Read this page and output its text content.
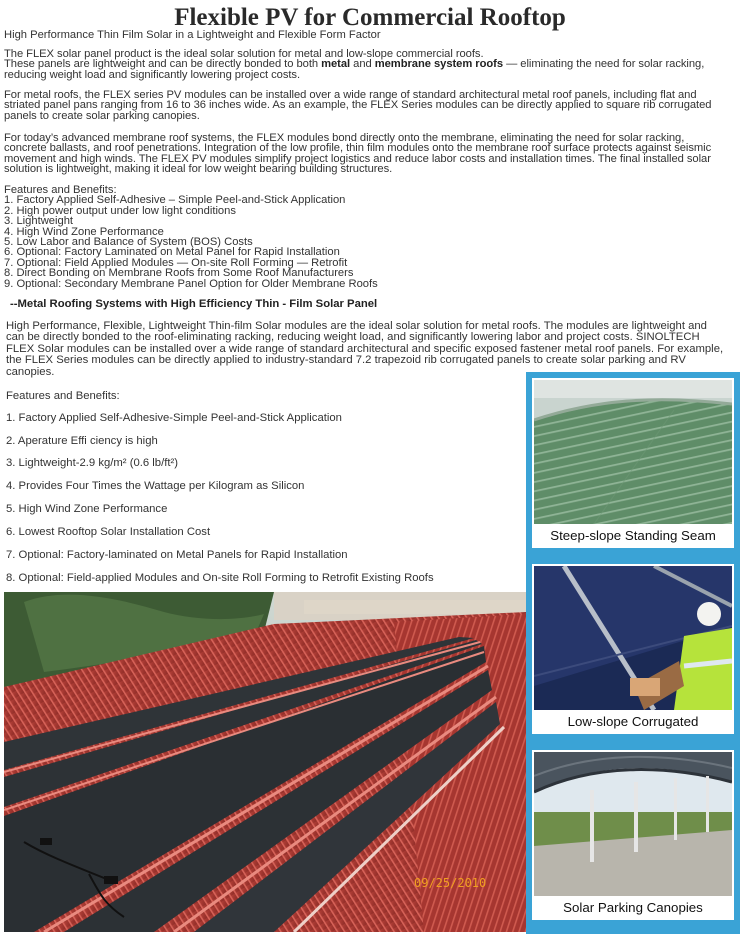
Flexible PV for Commercial Rooftop
High Performance Thin Film Solar in a Lightweight and Flexible Form Factor
The FLEX solar panel product is the ideal solar solution for metal and low-slope commercial roofs.
These panels are lightweight and can be directly bonded to both metal and membrane system roofs — eliminating the need for solar racking, reducing weight load and significantly lowering project costs.
For metal roofs, the FLEX series PV modules can be installed over a wide range of standard architectural metal roof panels, including flat and striated panel pans ranging from 16 to 36 inches wide. As an example, the FLEX Series modules can be directly applied to square rib corrugated panels to create solar parking canopies.
For today’s advanced membrane roof systems, the FLEX modules bond directly onto the membrane, eliminating the need for solar racking, concrete ballasts, and roof penetrations. Integration of the low profile, thin film modules onto the membrane roof surface protects against seismic movement and high winds. The FLEX PV modules simplify project logistics and reduce labor costs and installation times. The final installed solar solution is lightweight, making it ideal for low weight bearing building structures.
Features and Benefits:
1. Factory Applied Self-Adhesive – Simple Peel-and-Stick Application
2. High power output under low light conditions
3. Lightweight
4. High Wind Zone Performance
5. Low Labor and Balance of System (BOS) Costs
6. Optional: Factory Laminated on Metal Panel for Rapid Installation
7. Optional: Field Applied Modules — On-site Roll Forming — Retrofit
8. Direct Bonding on Membrane Roofs from Some Roof Manufacturers
9. Optional: Secondary Membrane Panel Option for Older Membrane Roofs
--Metal Roofing Systems with High Efficiency Thin - Film Solar Panel
High Performance, Flexible, Lightweight Thin-film Solar modules are the ideal solar solution for metal roofs. The modules are lightweight and can be directly bonded to the roof-eliminating racking, reducing weight load, and significantly lowering labor and project costs. SINOLTECH FLEX Solar modules can be installed over a wide range of standard architectural and specific exposed fastener metal roof panels. For example, the FLEX Series modules can be directly applied to industry-standard 7.2 trapezoid rib corrugated panels to create solar parking and RV canopies.
Features and Benefits:
1. Factory Applied Self-Adhesive-Simple Peel-and-Stick Application
2. Aperature Effi ciency is high
3. Lightweight-2.9 kg/m² (0.6 lb/ft²)
4. Provides Four Times the Wattage per Kilogram as Silicon
5. High Wind Zone Performance
6. Lowest Rooftop Solar Installation Cost
7. Optional: Factory-laminated on Metal Panels for Rapid Installation
8. Optional: Field-applied Modules and On-site Roll Forming to Retrofit Existing Roofs
09/25/2010
Steep-slope Standing Seam
Low-slope Corrugated
Solar Parking Canopies
